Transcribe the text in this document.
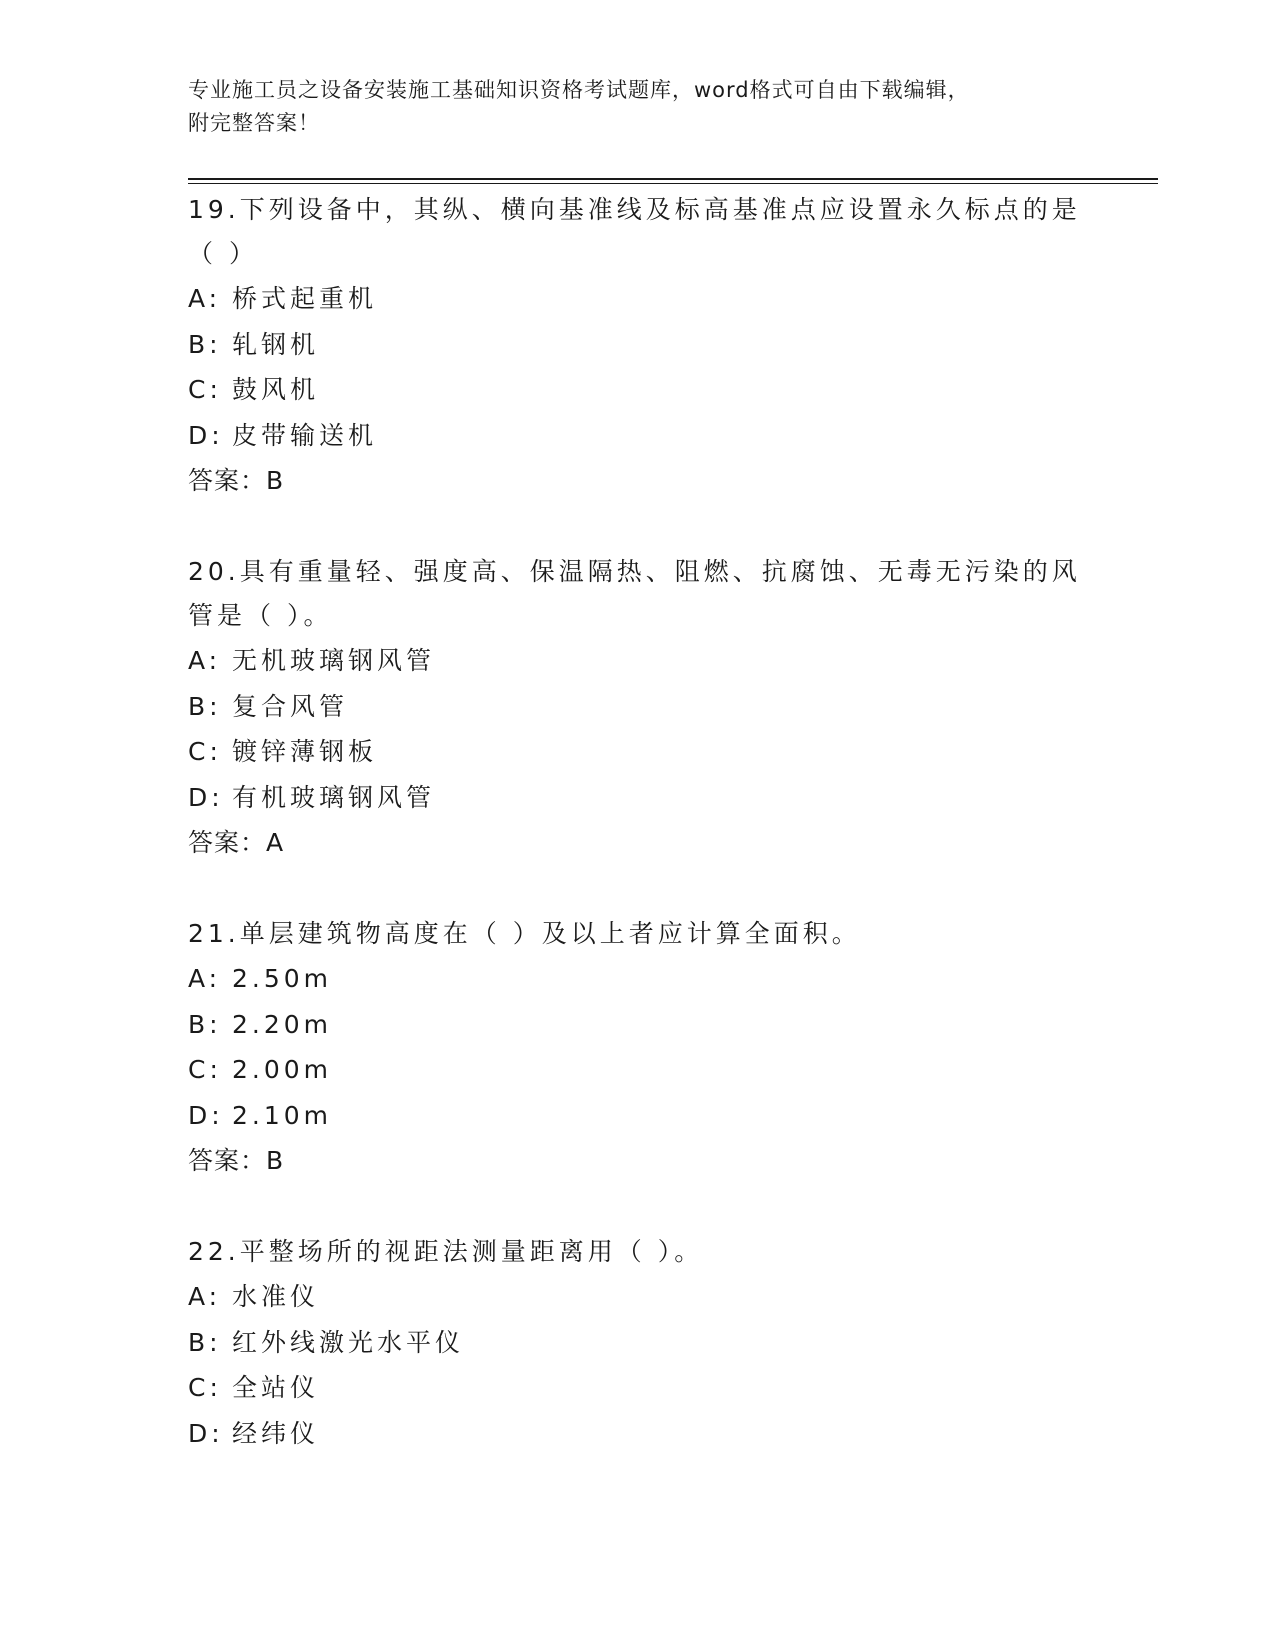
专业施工员之设备安装施工基础知识资格考试题库，word格式可自由下载编辑，
附完整答案！
19.下列设备中，其纵、横向基准线及标高基准点应设置永久标点的是
（ ）
A: 桥式起重机
B: 轧钢机
C: 鼓风机
D: 皮带输送机
答案：B
20.具有重量轻、强度高、保温隔热、阻燃、抗腐蚀、无毒无污染的风
管是（ ）。
A: 无机玻璃钢风管
B: 复合风管
C: 镀锌薄钢板
D: 有机玻璃钢风管
答案：A
21.单层建筑物高度在（ ）及以上者应计算全面积。
A: 2.50m
B: 2.20m
C: 2.00m
D: 2.10m
答案：B
22.平整场所的视距法测量距离用（ ）。
A: 水准仪
B: 红外线激光水平仪
C: 全站仪
D: 经纬仪
